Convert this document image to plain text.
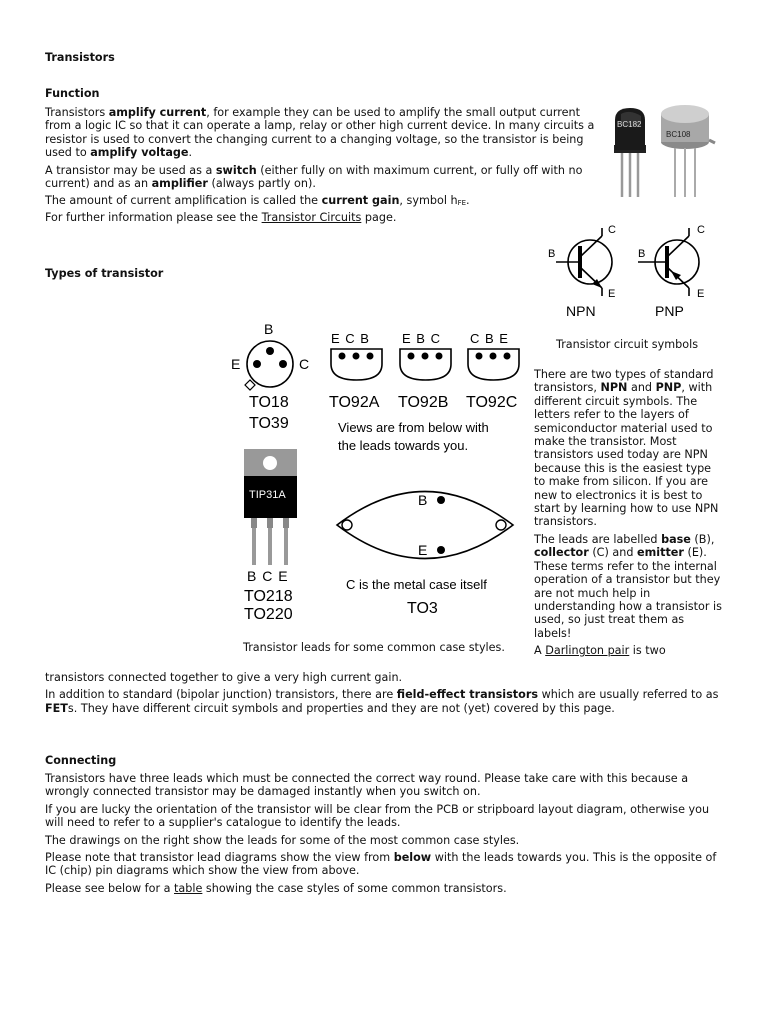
Transistors
Function

Transistors amplify current, for example they can be used to amplify the small output current from a logic IC so that it can operate a lamp, relay or other high current device. In many circuits a resistor is used to convert the changing current to a changing voltage, so the transistor is being used to amplify voltage.

A transistor may be used as a switch (either fully on with maximum current, or fully off with no current) and as an amplifier (always partly on).

The amount of current amplification is called the current gain, symbol hFE.

For further information please see the Transistor Circuits page.

BC182
BC108
B
C
E
NPN
B
C
E
PNP

Transistor circuit symbols

Types of transistor
B
E	C
TO18
TO39
E C B
TO92A
E B C
TO92B
C B E
TO92C
Views are from below with
the leads towards you.
TIP31A
B C E
TO218
TO220
B
E
C is the metal case itself
TO3

Transistor leads for some common case styles.

There are two types of standard transistors, NPN and PNP, with different circuit symbols. The letters refer to the layers of semiconductor material used to make the transistor. Most transistors used today are NPN because this is the easiest type to make from silicon. If you are new to electronics it is best to start by learning how to use NPN transistors.

The leads are labelled base (B), collector (C) and emitter (E).
These terms refer to the internal operation of a transistor but they are not much help in understanding how a transistor is used, so just treat them as labels!

A Darlington pair is two

transistors connected together to give a very high current gain.

In addition to standard (bipolar junction) transistors, there are field-effect transistors which are usually referred to as FETs. They have different circuit symbols and properties and they are not (yet) covered by this page.

Connecting

Transistors have three leads which must be connected the correct way round. Please take care with this because a wrongly connected transistor may be damaged instantly when you switch on.

If you are lucky the orientation of the transistor will be clear from the PCB or stripboard layout diagram, otherwise you will need to refer to a supplier's catalogue to identify the leads.

The drawings on the right show the leads for some of the most common case styles.

Please note that transistor lead diagrams show the view from below with the leads towards you. This is the opposite of IC (chip) pin diagrams which show the view from above.

Please see below for a table showing the case styles of some common transistors.
